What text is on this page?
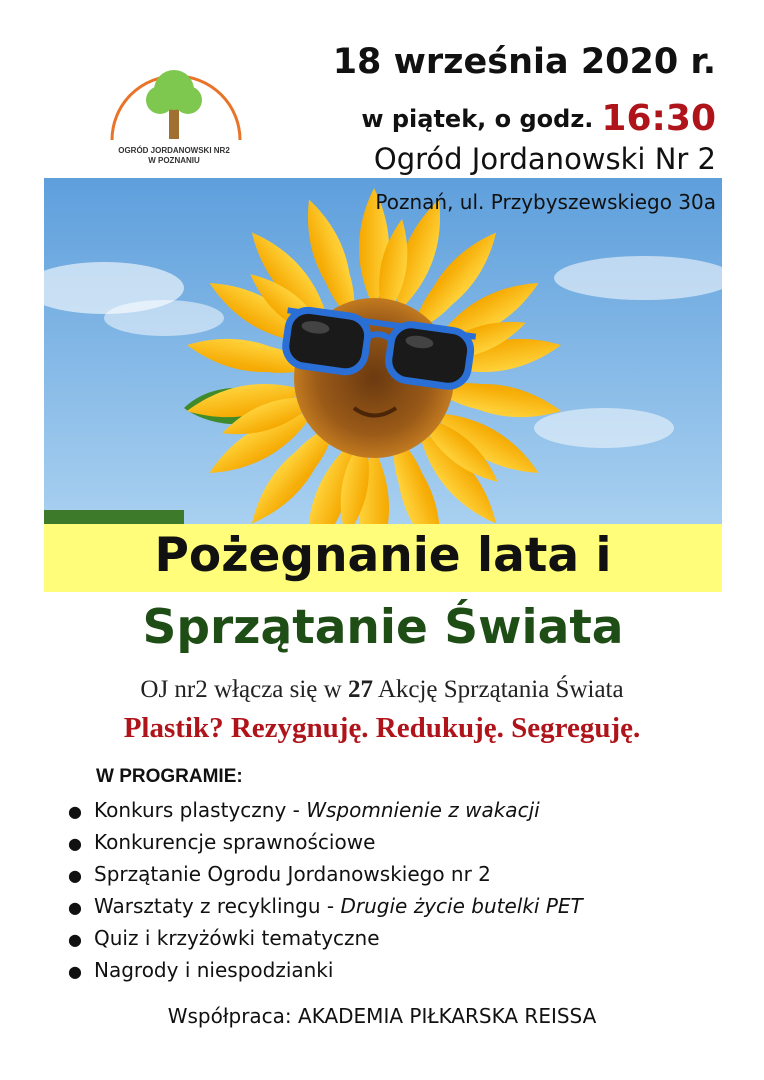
OGRÓD JORDANOWSKI NR2
W POZNANIU
18 września 2020 r.
w piątek, o godz. 16:30
Ogród Jordanowski Nr 2
Poznań, ul. Przybyszewskiego 30a
Pożegnanie lata i
Sprzątanie Świata
OJ nr2 włącza się w 27 Akcję Sprzątania Świata
Plastik? Rezygnuję. Redukuję. Segreguję.
W PROGRAMIE:
● Konkurs plastyczny - Wspomnienie z wakacji
● Konkurencje sprawnościowe
● Sprzątanie Ogrodu Jordanowskiego nr 2
● Warsztaty z recyklingu - Drugie życie butelki PET
● Quiz i krzyżówki tematyczne
● Nagrody i niespodzianki
Współpraca: AKADEMIA PIŁKARSKA REISSA
